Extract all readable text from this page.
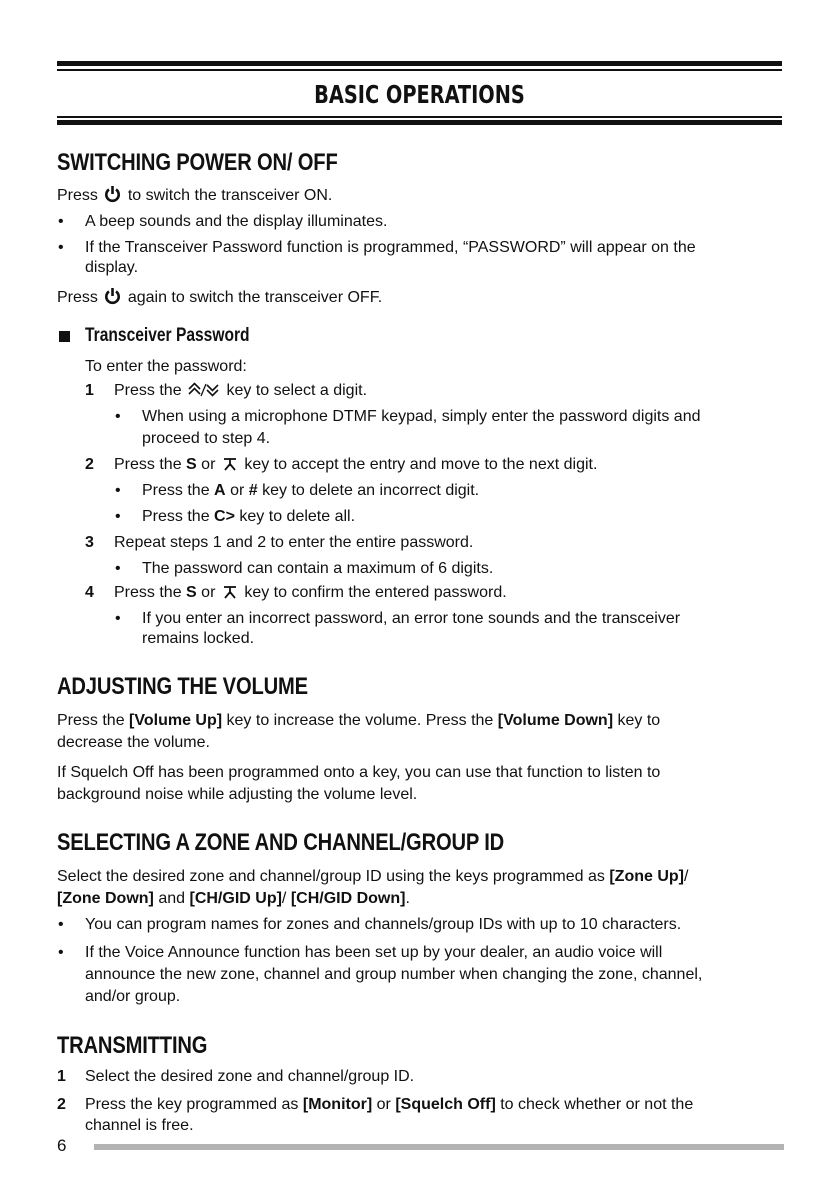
BASIC OPERATIONS
SWITCHING POWER ON/ OFF
Press to switch the transceiver ON.
• A beep sounds and the display illuminates.
• If the Transceiver Password function is programmed, “PASSWORD” will appear on the
display.
Press again to switch the transceiver OFF.
Transceiver Password
To enter the password:
1 Press the	key to select a digit.
• When using a microphone DTMF keypad, simply enter the password digits and
proceed to step 4.
2 Press the S or key to accept the entry and move to the next digit.
• Press the A or # key to delete an incorrect digit.
• Press the C> key to delete all.
3 Repeat steps 1 and 2 to enter the entire password.
• The password can contain a maximum of 6 digits.
4 Press the S or key to confirm the entered password.
• If you enter an incorrect password, an error tone sounds and the transceiver
remains locked.
ADJUSTING THE VOLUME
Press the [Volume Up] key to increase the volume. Press the [Volume Down] key to
decrease the volume.
If Squelch Off has been programmed onto a key, you can use that function to listen to
background noise while adjusting the volume level.
SELECTING A ZONE AND CHANNEL/GROUP ID
Select the desired zone and channel/group ID using the keys programmed as [Zone Up]/
[Zone Down] and [CH/GID Up]/ [CH/GID Down].
• You can program names for zones and channels/group IDs with up to 10 characters.
• If the Voice Announce function has been set up by your dealer, an audio voice will
announce the new zone, channel and group number when changing the zone, channel,
and/or group.
TRANSMITTING
1 Select the desired zone and channel/group ID.
2 Press the key programmed as [Monitor] or [Squelch Off] to check whether or not the
channel is free.
6
